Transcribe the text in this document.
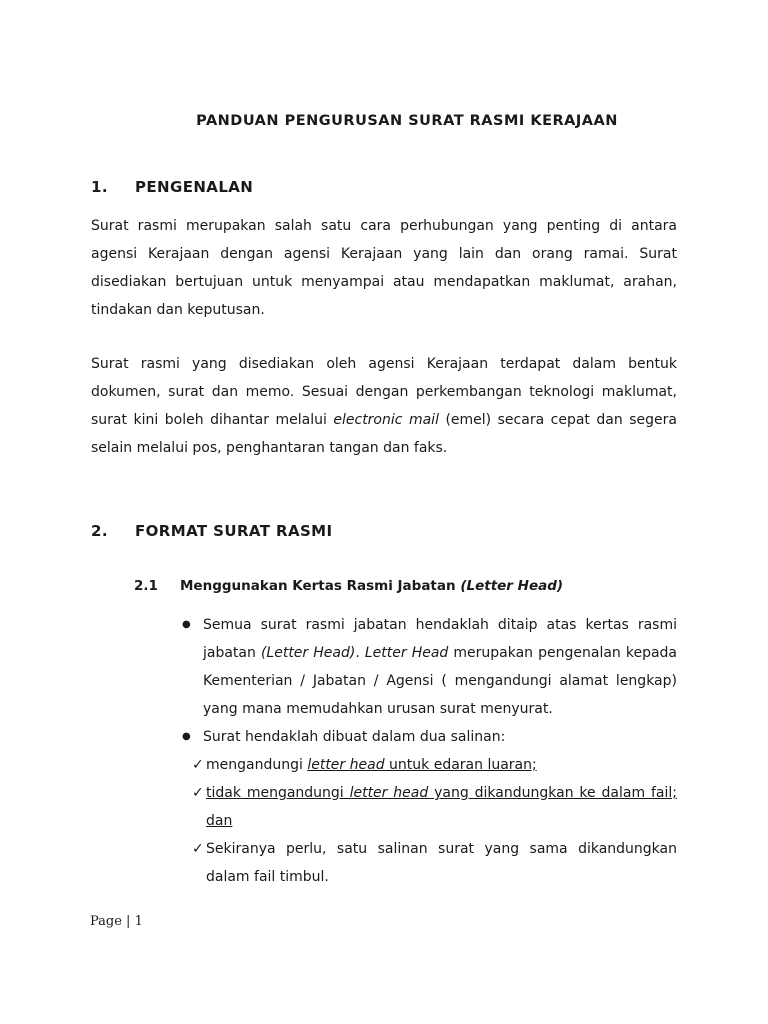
PANDUAN PENGURUSAN SURAT RASMI KERAJAAN
1. PENGENALAN
Surat rasmi merupakan salah satu cara perhubungan yang penting di antara agensi Kerajaan dengan agensi Kerajaan yang lain dan orang ramai. Surat disediakan bertujuan untuk menyampai atau mendapatkan maklumat, arahan, tindakan dan keputusan.
Surat rasmi yang disediakan oleh agensi Kerajaan terdapat dalam bentuk dokumen, surat dan memo. Sesuai dengan perkembangan teknologi maklumat, surat kini boleh dihantar melalui electronic mail (emel) secara cepat dan segera selain melalui pos, penghantaran tangan dan faks.
2. FORMAT SURAT RASMI
2.1 Menggunakan Kertas Rasmi Jabatan (Letter Head)
● Semua surat rasmi jabatan hendaklah ditaip atas kertas rasmi jabatan (Letter Head). Letter Head merupakan pengenalan kepada Kementerian / Jabatan / Agensi ( mengandungi alamat lengkap) yang mana memudahkan urusan surat menyurat.
● Surat hendaklah dibuat dalam dua salinan:
✓ mengandungi letter head untuk edaran luaran;
✓ tidak mengandungi letter head yang dikandungkan ke dalam fail; dan
✓ Sekiranya perlu, satu salinan surat yang sama dikandungkan dalam fail timbul.
Page | 1
